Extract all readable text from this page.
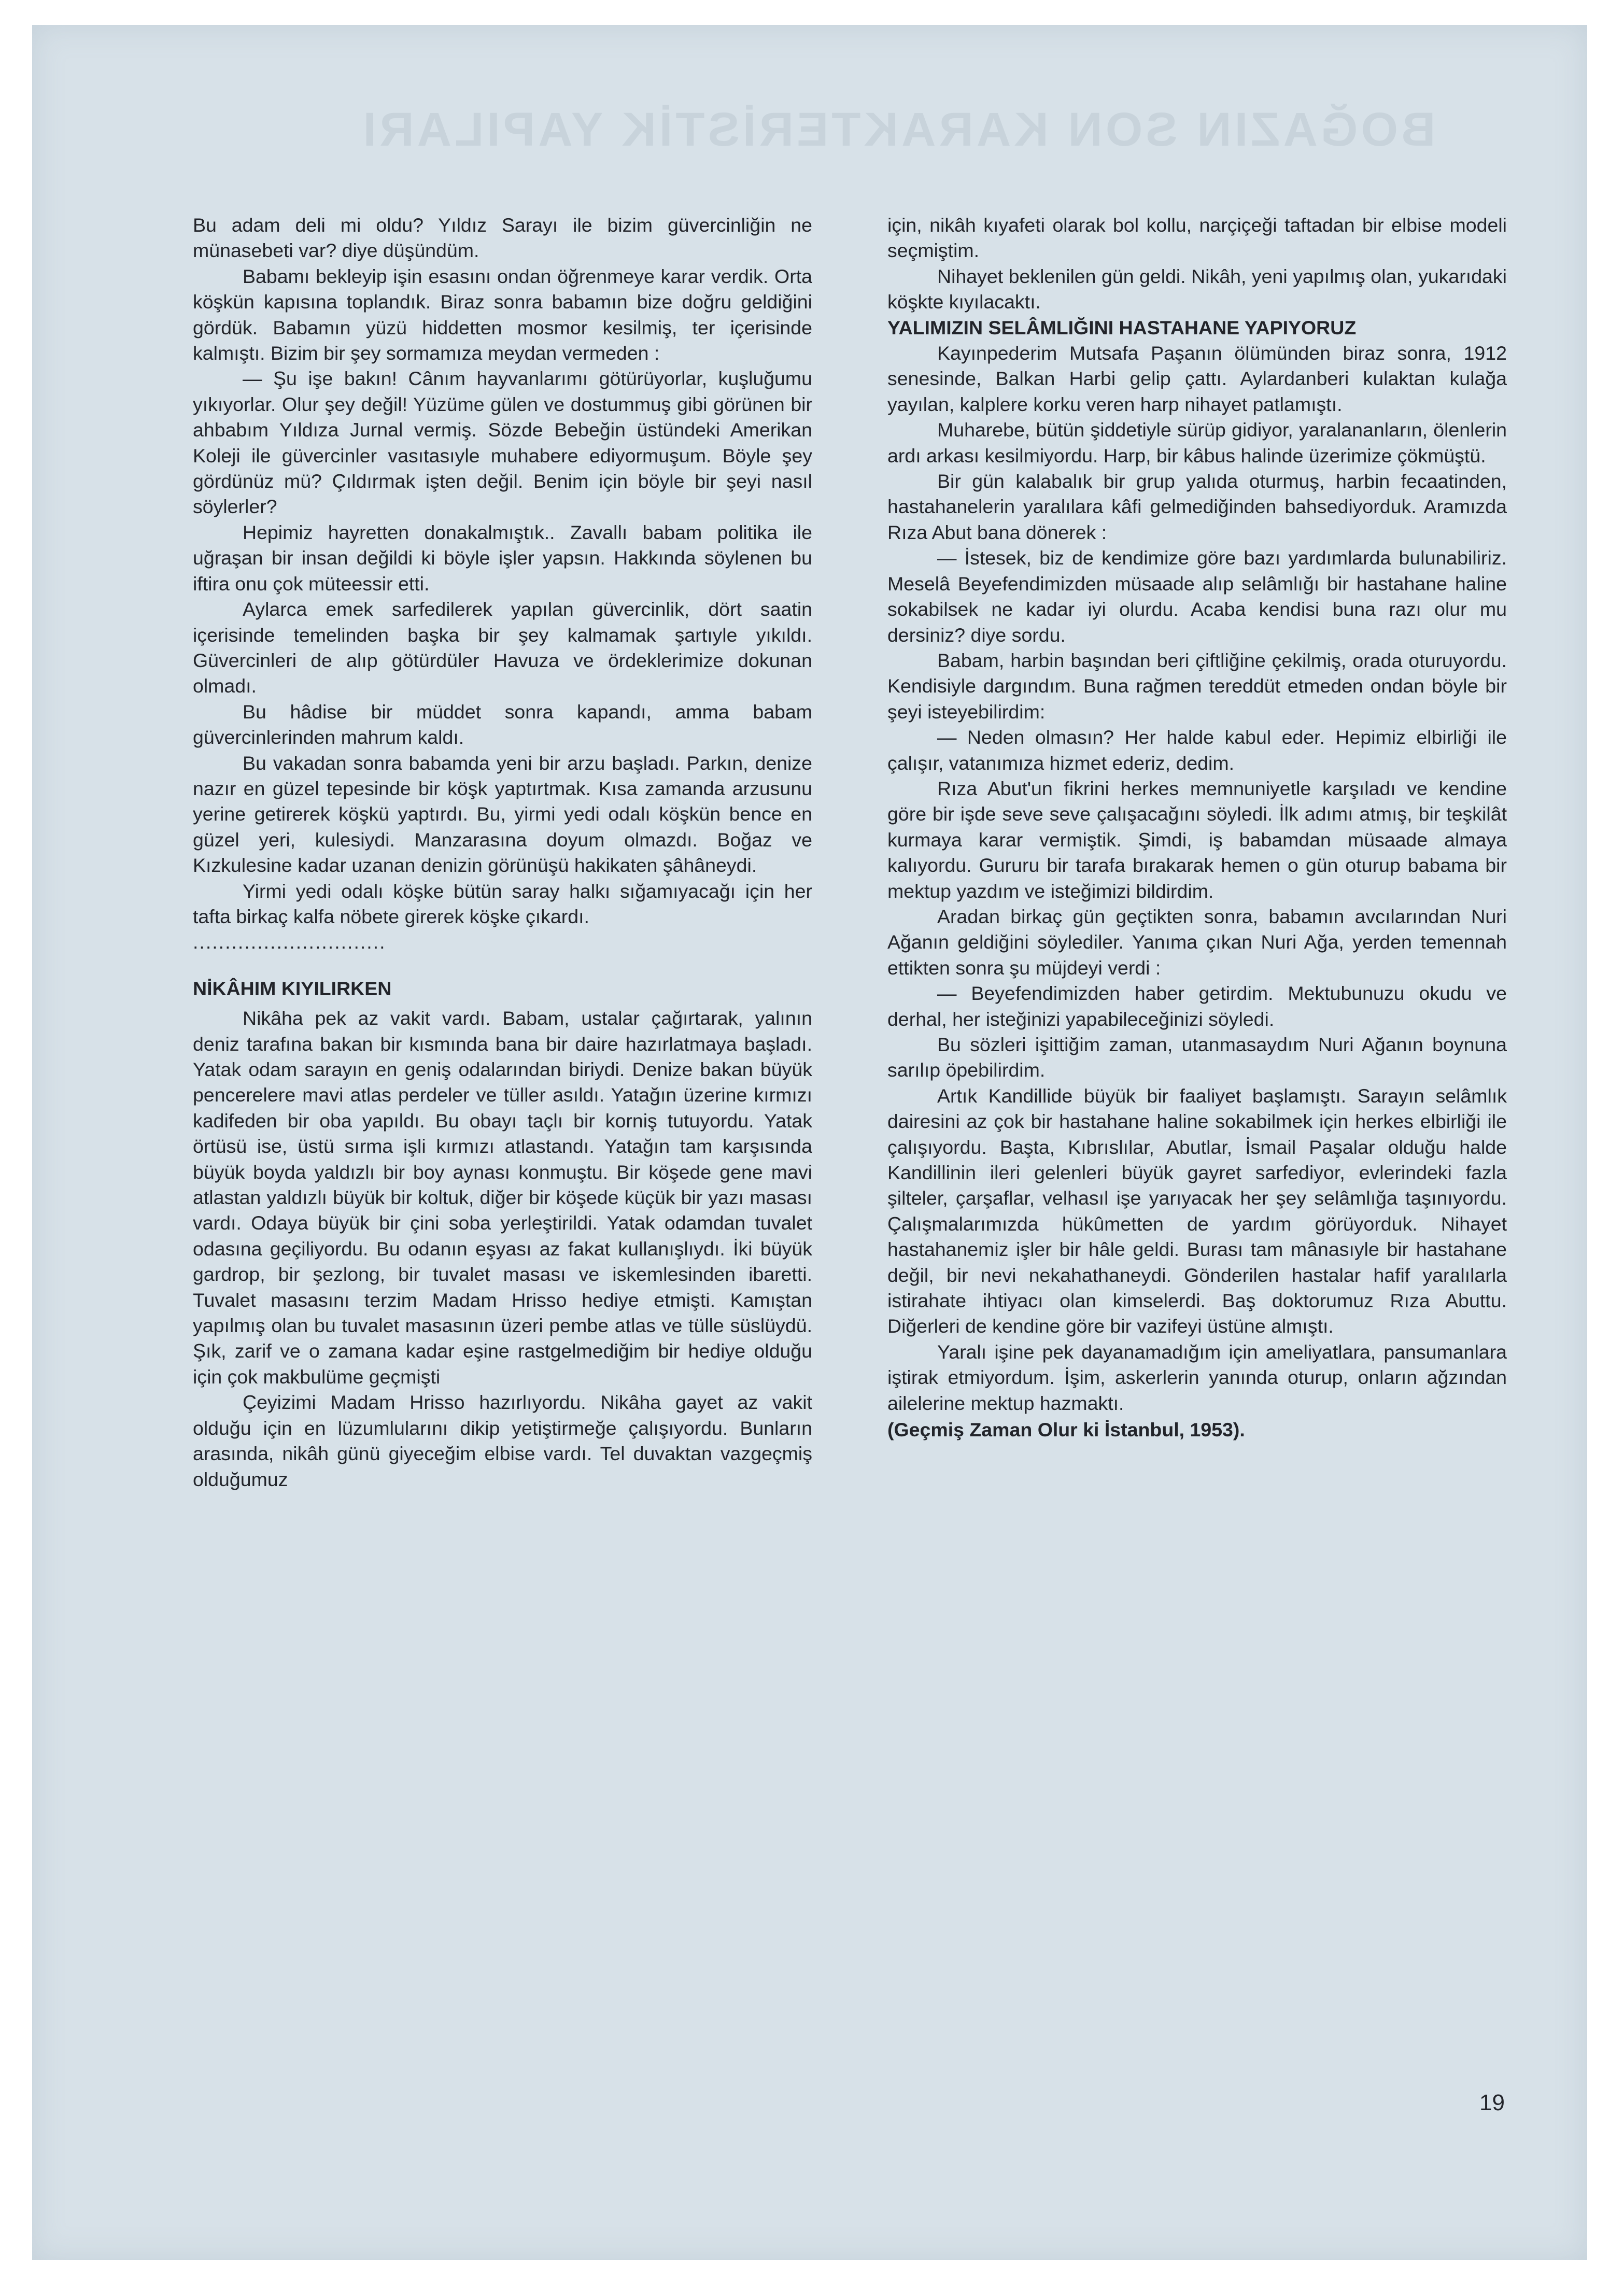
BOĞAZIN SON KARAKTERİSTİK YAPILARI

Bu adam deli mi oldu? Yıldız Sarayı ile bizim güvercinliğin ne münasebeti var? diye düşündüm.

Babamı bekleyip işin esasını ondan öğrenmeye karar verdik. Orta köşkün kapısına toplandık. Biraz sonra babamın bize doğru geldiğini gördük. Babamın yüzü hiddetten mosmor kesilmiş, ter içerisinde kalmıştı. Bizim bir şey sormamıza meydan vermeden :

— Şu işe bakın! Cânım hayvanlarımı götürüyorlar, kuşluğumu yıkıyorlar. Olur şey değil! Yüzüme gülen ve dostummuş gibi görünen bir ahbabım Yıldıza Jurnal vermiş. Sözde Bebeğin üstündeki Amerikan Koleji ile güvercinler vasıtasıyle muhabere ediyormuşum. Böyle şey gördünüz mü? Çıldırmak işten değil. Benim için böyle bir şeyi nasıl söylerler?

Hepimiz hayretten donakalmıştık.. Zavallı babam politika ile uğraşan bir insan değildi ki böyle işler yapsın. Hakkında söylenen bu iftira onu çok müteessir etti.

Aylarca emek sarfedilerek yapılan güvercinlik, dört saatin içerisinde temelinden başka bir şey kalmamak şartıyle yıkıldı. Güvercinleri de alıp götürdüler Havuza ve ördeklerimize dokunan olmadı.

Bu hâdise bir müddet sonra kapandı, amma babam güvercinlerinden mahrum kaldı.

Bu vakadan sonra babamda yeni bir arzu başladı. Parkın, denize nazır en güzel tepesinde bir köşk yaptırtmak. Kısa zamanda arzusunu yerine getirerek köşkü yaptırdı. Bu, yirmi yedi odalı köşkün bence en güzel yeri, kulesiydi. Manzarasına doyum olmazdı. Boğaz ve Kızkulesine kadar uzanan denizin görünüşü hakikaten şâhâneydi.

Yirmi yedi odalı köşke bütün saray halkı sığamıyacağı için her tafta birkaç kalfa nöbete girerek köşke çıkardı.

..............................

NİKÂHIM KIYILIRKEN

Nikâha pek az vakit vardı. Babam, ustalar çağırtarak, yalının deniz tarafına bakan bir kısmında bana bir daire hazırlatmaya başladı. Yatak odam sarayın en geniş odalarından biriydi. Denize bakan büyük pencerelere mavi atlas perdeler ve tüller asıldı. Yatağın üzerine kırmızı kadifeden bir oba yapıldı. Bu obayı taçlı bir korniş tutuyordu. Yatak örtüsü ise, üstü sırma işli kırmızı atlastandı. Yatağın tam karşısında büyük boyda yaldızlı bir boy aynası konmuştu. Bir köşede gene mavi atlastan yaldızlı büyük bir koltuk, diğer bir köşede küçük bir yazı masası vardı. Odaya büyük bir çini soba yerleştirildi. Yatak odamdan tuvalet odasına geçiliyordu. Bu odanın eşyası az fakat kullanışlıydı. İki büyük gardrop, bir şezlong, bir tuvalet masası ve iskemlesinden ibaretti. Tuvalet masasını terzim Madam Hrisso hediye etmişti. Kamıştan yapılmış olan bu tuvalet masasının üzeri pembe atlas ve tülle süslüydü. Şık, zarif ve o zamana kadar eşine rastgelmediğim bir hediye olduğu için çok makbulüme geçmişti

Çeyizimi Madam Hrisso hazırlıyordu. Nikâha gayet az vakit olduğu için en lüzumlularını dikip yetiştirmeğe çalışıyordu. Bunların arasında, nikâh günü giyeceğim elbise vardı. Tel duvaktan vazgeçmiş olduğumuz

için, nikâh kıyafeti olarak bol kollu, narçiçeği taftadan bir elbise modeli seçmiştim.

Nihayet beklenilen gün geldi. Nikâh, yeni yapılmış olan, yukarıdaki köşkte kıyılacaktı.

YALIMIZIN SELÂMLIĞINI HASTAHANE YAPIYORUZ

Kayınpederim Mutsafa Paşanın ölümünden biraz sonra, 1912 senesinde, Balkan Harbi gelip çattı. Aylardanberi kulaktan kulağa yayılan, kalplere korku veren harp nihayet patlamıştı.

Muharebe, bütün şiddetiyle sürüp gidiyor, yaralananların, ölenlerin ardı arkası kesilmiyordu. Harp, bir kâbus halinde üzerimize çökmüştü.

Bir gün kalabalık bir grup yalıda oturmuş, harbin fecaatinden, hastahanelerin yaralılara kâfi gelmediğinden bahsediyorduk. Aramızda Rıza Abut bana dönerek :

— İstesek, biz de kendimize göre bazı yardımlarda bulunabiliriz. Meselâ Beyefendimizden müsaade alıp selâmlığı bir hastahane haline sokabilsek ne kadar iyi olurdu. Acaba kendisi buna razı olur mu dersiniz? diye sordu.

Babam, harbin başından beri çiftliğine çekilmiş, orada oturuyordu. Kendisiyle dargındım. Buna rağmen tereddüt etmeden ondan böyle bir şeyi isteyebilirdim:

— Neden olmasın? Her halde kabul eder. Hepimiz elbirliği ile çalışır, vatanımıza hizmet ederiz, dedim.

Rıza Abut'un fikrini herkes memnuniyetle karşıladı ve kendine göre bir işde seve seve çalışacağını söyledi. İlk adımı atmış, bir teşkilât kurmaya karar vermiştik. Şimdi, iş babamdan müsaade almaya kalıyordu. Gururu bir tarafa bırakarak hemen o gün oturup babama bir mektup yazdım ve isteğimizi bildirdim.

Aradan birkaç gün geçtikten sonra, babamın avcılarından Nuri Ağanın geldiğini söylediler. Yanıma çıkan Nuri Ağa, yerden temennah ettikten sonra şu müjdeyi verdi :

— Beyefendimizden haber getirdim. Mektubunuzu okudu ve derhal, her isteğinizi yapabileceğinizi söyledi.

Bu sözleri işittiğim zaman, utanmasaydım Nuri Ağanın boynuna sarılıp öpebilirdim.

Artık Kandillide büyük bir faaliyet başlamıştı. Sarayın selâmlık dairesini az çok bir hastahane haline sokabilmek için herkes elbirliği ile çalışıyordu. Başta, Kıbrıslılar, Abutlar, İsmail Paşalar olduğu halde Kandillinin ileri gelenleri büyük gayret sarfediyor, evlerindeki fazla şilteler, çarşaflar, velhasıl işe yarıyacak her şey selâmlığa taşınıyordu. Çalışmalarımızda hükûmetten de yardım görüyorduk. Nihayet hastahanemiz işler bir hâle geldi. Burası tam mânasıyle bir hastahane değil, bir nevi nekahathaneydi. Gönderilen hastalar hafif yaralılarla istirahate ihtiyacı olan kimselerdi. Baş doktorumuz Rıza Abuttu. Diğerleri de kendine göre bir vazifeyi üstüne almıştı.

Yaralı işine pek dayanamadığım için ameliyatlara, pansumanlara iştirak etmiyordum. İşim, askerlerin yanında oturup, onların ağzından ailelerine mektup hazmaktı.

(Geçmiş Zaman Olur ki İstanbul, 1953).

19
